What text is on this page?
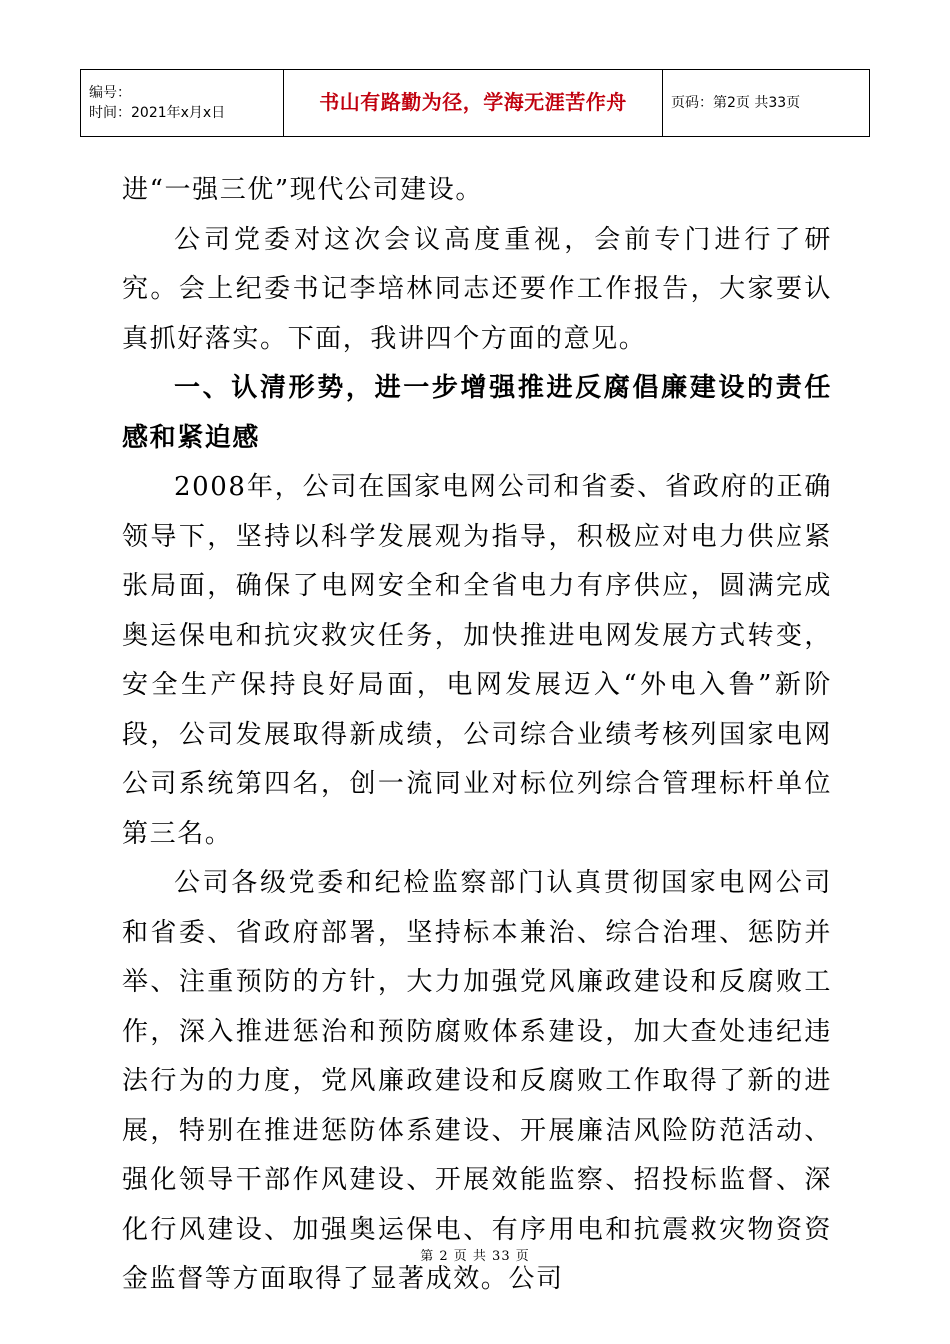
编号：
时间：2021年x月x日	书山有路勤为径，学海无涯苦作舟	页码：第2页 共33页

进“一强三优”现代公司建设。

公司党委对这次会议高度重视，会前专门进行了研究。会上纪委书记李培林同志还要作工作报告，大家要认真抓好落实。下面，我讲四个方面的意见。

一、认清形势，进一步增强推进反腐倡廉建设的责任感和紧迫感

2008年，公司在国家电网公司和省委、省政府的正确领导下，坚持以科学发展观为指导，积极应对电力供应紧张局面，确保了电网安全和全省电力有序供应，圆满完成奥运保电和抗灾救灾任务，加快推进电网发展方式转变，安全生产保持良好局面，电网发展迈入“外电入鲁”新阶段，公司发展取得新成绩，公司综合业绩考核列国家电网公司系统第四名，创一流同业对标位列综合管理标杆单位第三名。

公司各级党委和纪检监察部门认真贯彻国家电网公司和省委、省政府部署，坚持标本兼治、综合治理、惩防并举、注重预防的方针，大力加强党风廉政建设和反腐败工作，深入推进惩治和预防腐败体系建设，加大查处违纪违法行为的力度，党风廉政建设和反腐败工作取得了新的进展，特别在推进惩防体系建设、开展廉洁风险防范活动、强化领导干部作风建设、开展效能监察、招投标监督、深化行风建设、加强奥运保电、有序用电和抗震救灾物资资金监督等方面取得了显著成效。公司

第 2 页 共 33 页
